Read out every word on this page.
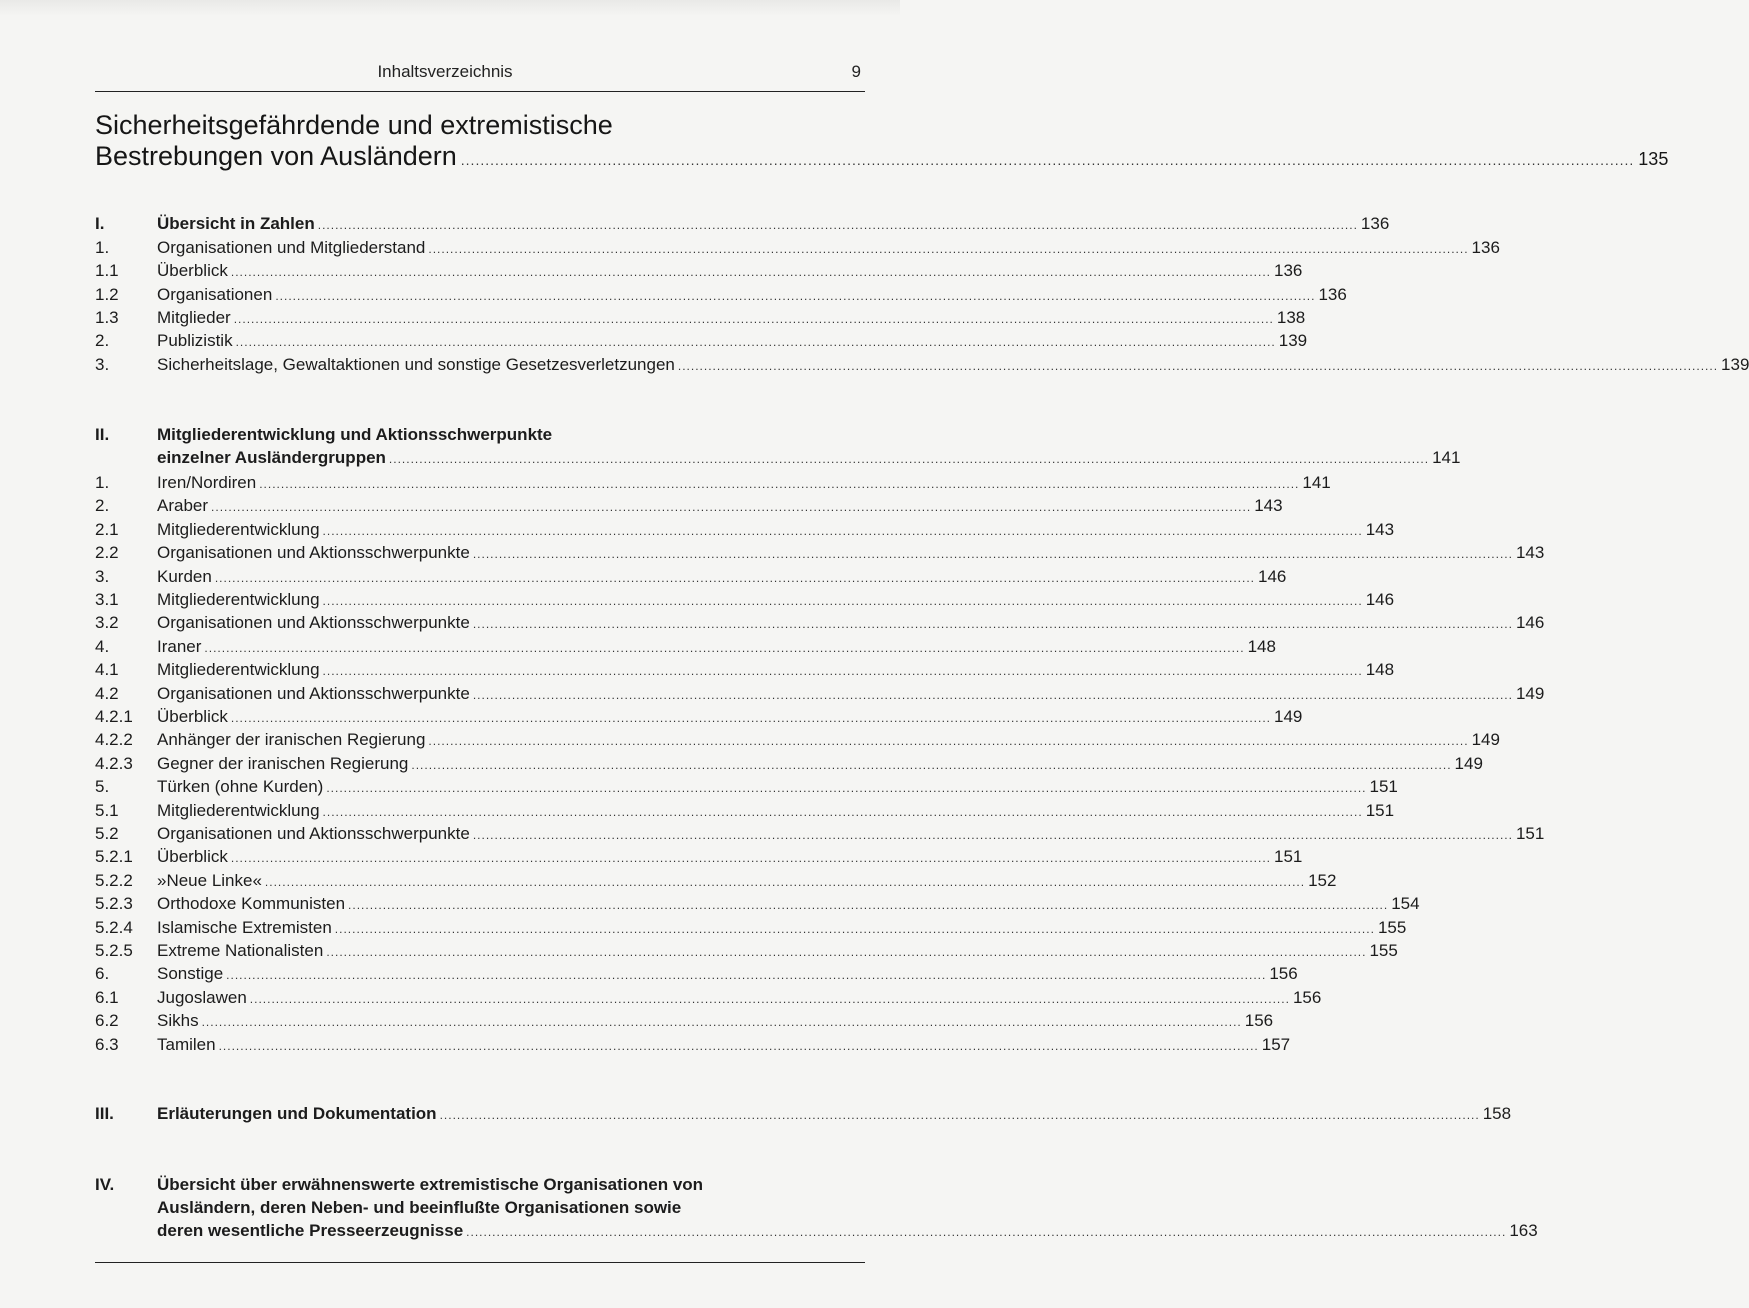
Inhaltsverzeichnis	9
Sicherheitsgefährdende und extremistische
Bestrebungen von Ausländern ................................................................................................................................................................................................................................................ 135
I.	Übersicht in Zahlen ................................................................................................................................................................................................................................................ 136
1.	Organisationen und Mitgliederstand ................................................................................................................................................................................................................................................ 136
1.1 Überblick ................................................................................................................................................................................................................................................ 136
1.2 Organisationen ................................................................................................................................................................................................................................................ 136
1.3 Mitglieder ................................................................................................................................................................................................................................................ 138
2.	Publizistik ................................................................................................................................................................................................................................................ 139
3.	Sicherheitslage, Gewaltaktionen und sonstige Gesetzesverletzungen ................................................................................................................................................................................................................................................ 139
II.	Mitgliederentwicklung und Aktionsschwerpunkte
einzelner Ausländergruppen ................................................................................................................................................................................................................................................ 141
1.	Iren/Nordiren ................................................................................................................................................................................................................................................ 141
2.	Araber ................................................................................................................................................................................................................................................ 143
2.1 Mitgliederentwicklung ................................................................................................................................................................................................................................................ 143
2.2 Organisationen und Aktionsschwerpunkte ................................................................................................................................................................................................................................................ 143
3.	Kurden ................................................................................................................................................................................................................................................ 146
3.1 Mitgliederentwicklung ................................................................................................................................................................................................................................................ 146
3.2 Organisationen und Aktionsschwerpunkte ................................................................................................................................................................................................................................................ 146
4.	Iraner ................................................................................................................................................................................................................................................ 148
4.1 Mitgliederentwicklung ................................................................................................................................................................................................................................................ 148
4.2 Organisationen und Aktionsschwerpunkte ................................................................................................................................................................................................................................................ 149
4.2.1 Überblick ................................................................................................................................................................................................................................................ 149
4.2.2 Anhänger der iranischen Regierung ................................................................................................................................................................................................................................................ 149
4.2.3 Gegner der iranischen Regierung ................................................................................................................................................................................................................................................ 149
5.	Türken (ohne Kurden) ................................................................................................................................................................................................................................................ 151
5.1 Mitgliederentwicklung ................................................................................................................................................................................................................................................ 151
5.2 Organisationen und Aktionsschwerpunkte ................................................................................................................................................................................................................................................ 151
5.2.1 Überblick ................................................................................................................................................................................................................................................ 151
5.2.2 »Neue Linke« ................................................................................................................................................................................................................................................ 152
5.2.3 Orthodoxe Kommunisten ................................................................................................................................................................................................................................................ 154
5.2.4 Islamische Extremisten ................................................................................................................................................................................................................................................ 155
5.2.5 Extreme Nationalisten ................................................................................................................................................................................................................................................ 155
6.	Sonstige ................................................................................................................................................................................................................................................ 156
6.1 Jugoslawen ................................................................................................................................................................................................................................................ 156
6.2 Sikhs ................................................................................................................................................................................................................................................ 156
6.3 Tamilen ................................................................................................................................................................................................................................................ 157
III.	Erläuterungen und Dokumentation ................................................................................................................................................................................................................................................ 158
IV.	Übersicht über erwähnenswerte extremistische Organisationen von
Ausländern, deren Neben- und beeinflußte Organisationen sowie
deren wesentliche Presseerzeugnisse ................................................................................................................................................................................................................................................ 163
